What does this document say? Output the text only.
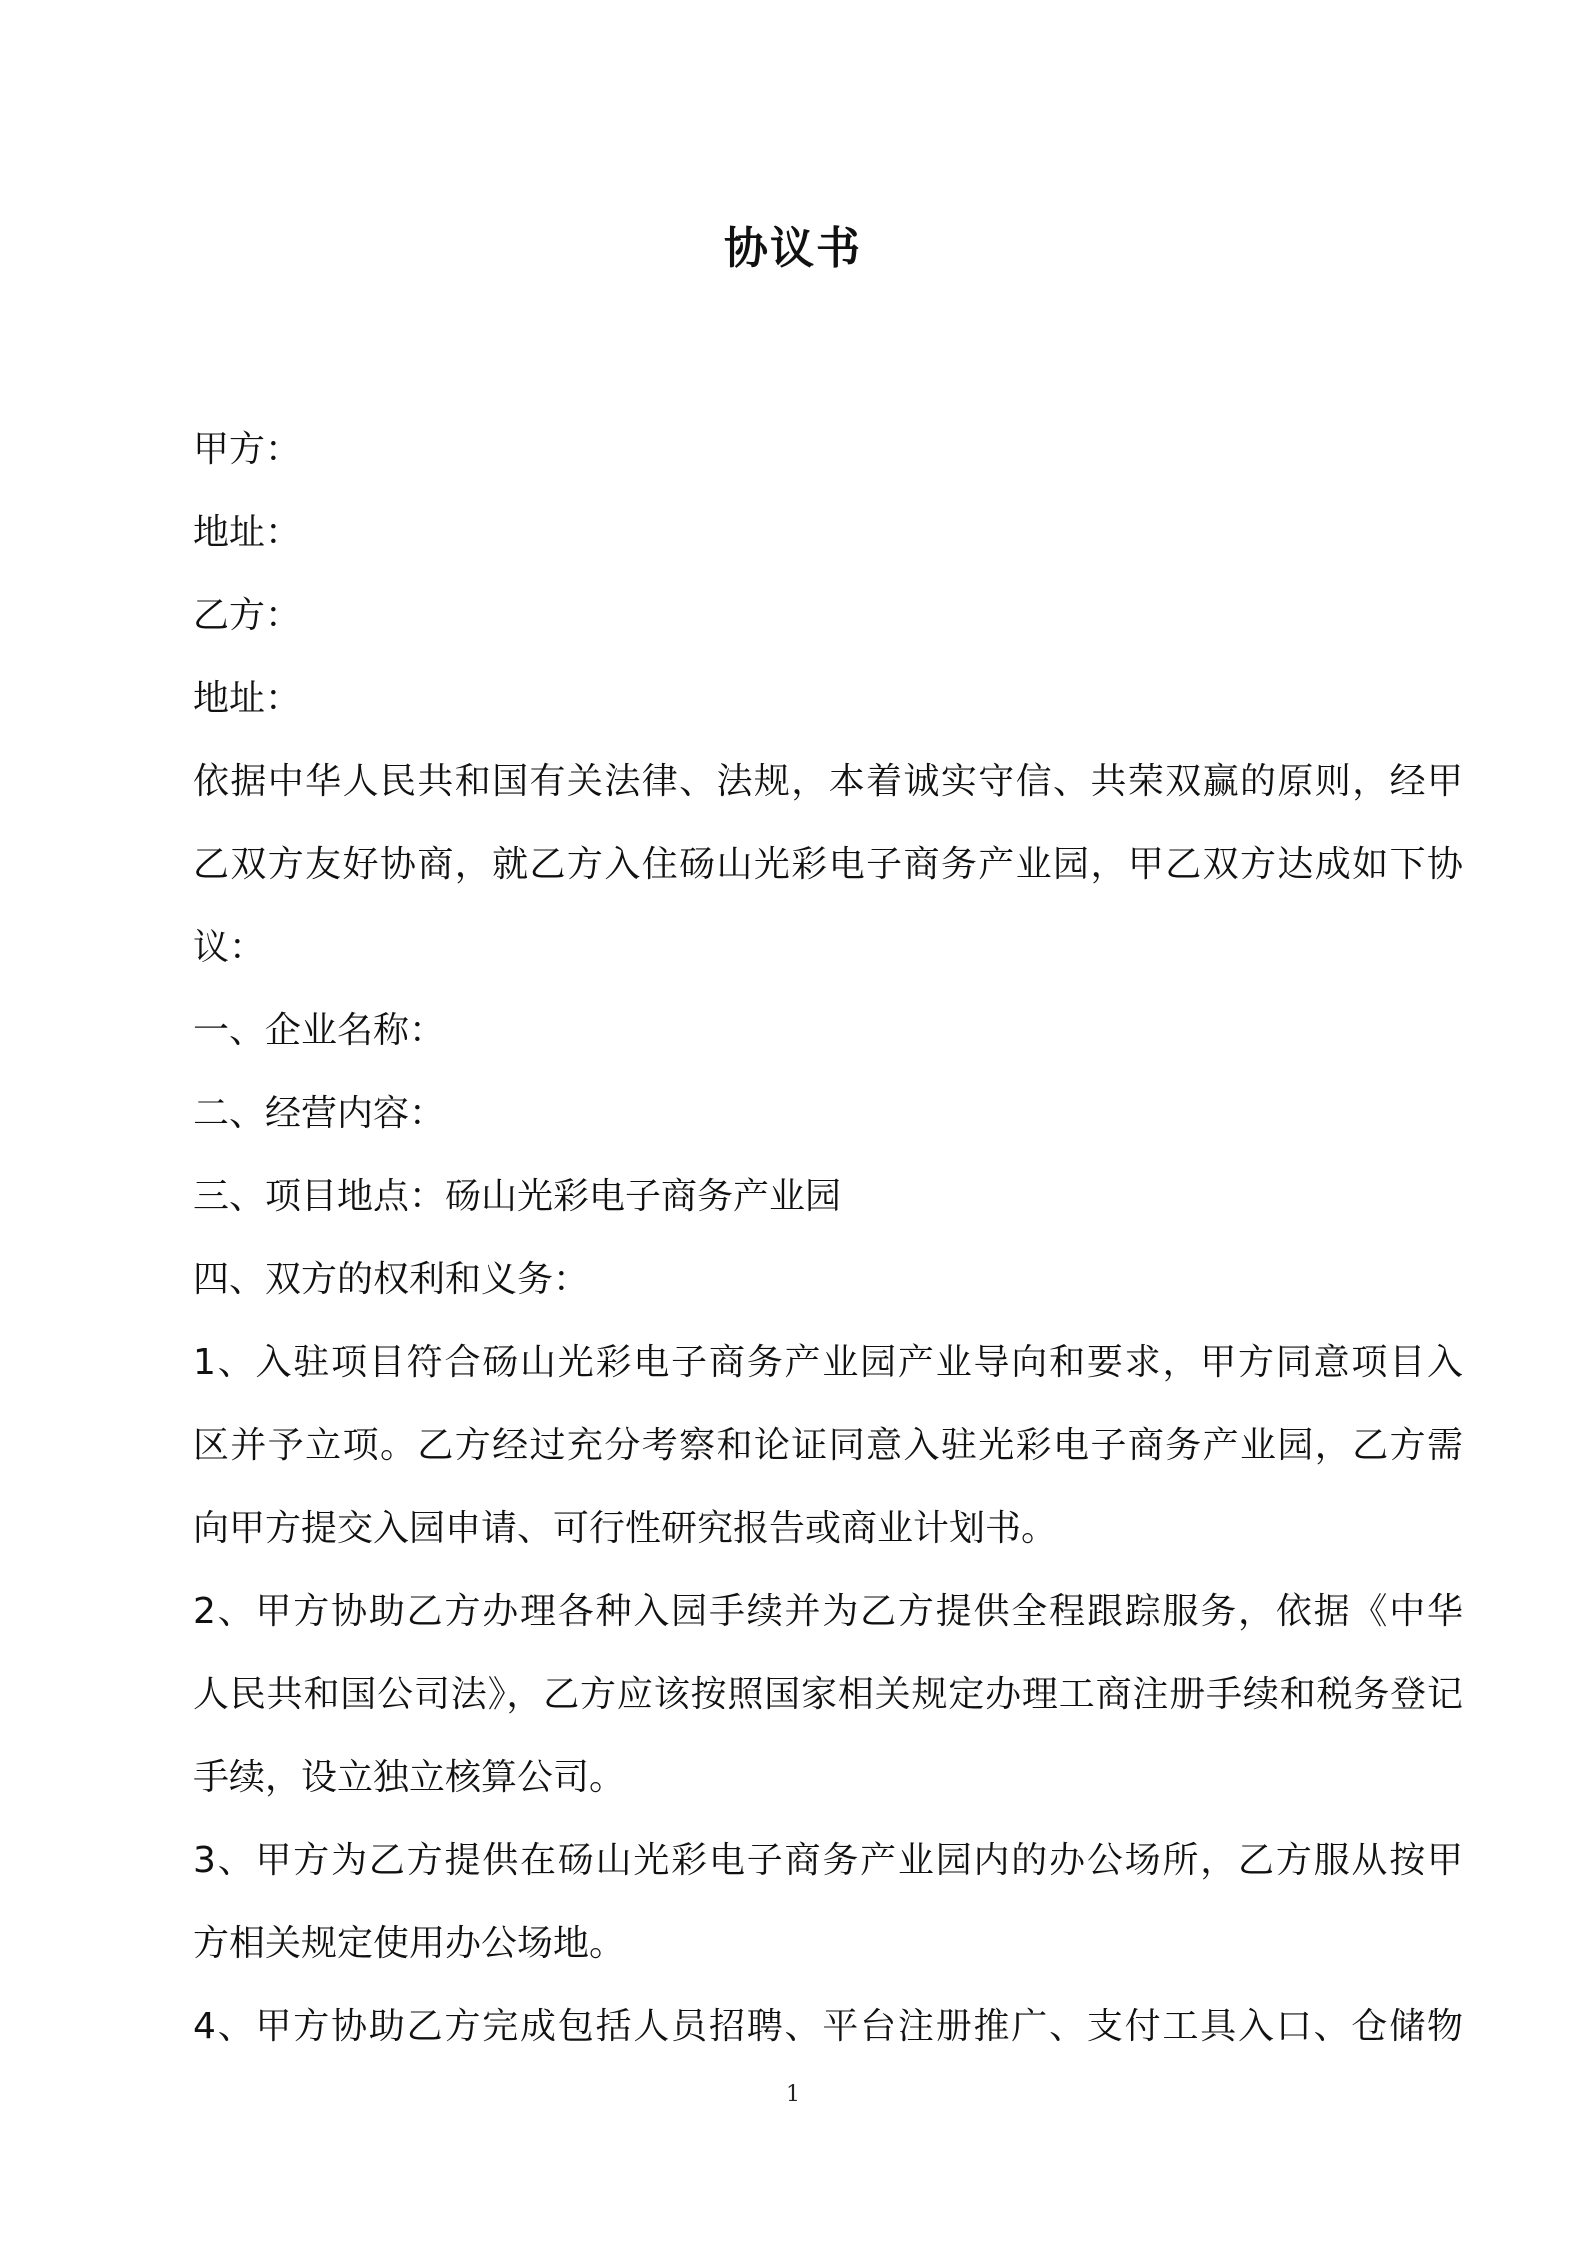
协议书
甲方：
地址：
乙方：
地址：
依据中华人民共和国有关法律、法规，本着诚实守信、共荣双赢的原则，经甲
乙双方友好协商，就乙方入住砀山光彩电子商务产业园，甲乙双方达成如下协
议：
一、企业名称：
二、经营内容：
三、项目地点：砀山光彩电子商务产业园
四、双方的权利和义务：
1、入驻项目符合砀山光彩电子商务产业园产业导向和要求，甲方同意项目入
区并予立项。乙方经过充分考察和论证同意入驻光彩电子商务产业园，乙方需
向甲方提交入园申请、可行性研究报告或商业计划书。
2、甲方协助乙方办理各种入园手续并为乙方提供全程跟踪服务，依据《中华
人民共和国公司法》，乙方应该按照国家相关规定办理工商注册手续和税务登记
手续，设立独立核算公司。
3、甲方为乙方提供在砀山光彩电子商务产业园内的办公场所，乙方服从按甲
方相关规定使用办公场地。
4、甲方协助乙方完成包括人员招聘、平台注册推广、支付工具入口、仓储物
1
